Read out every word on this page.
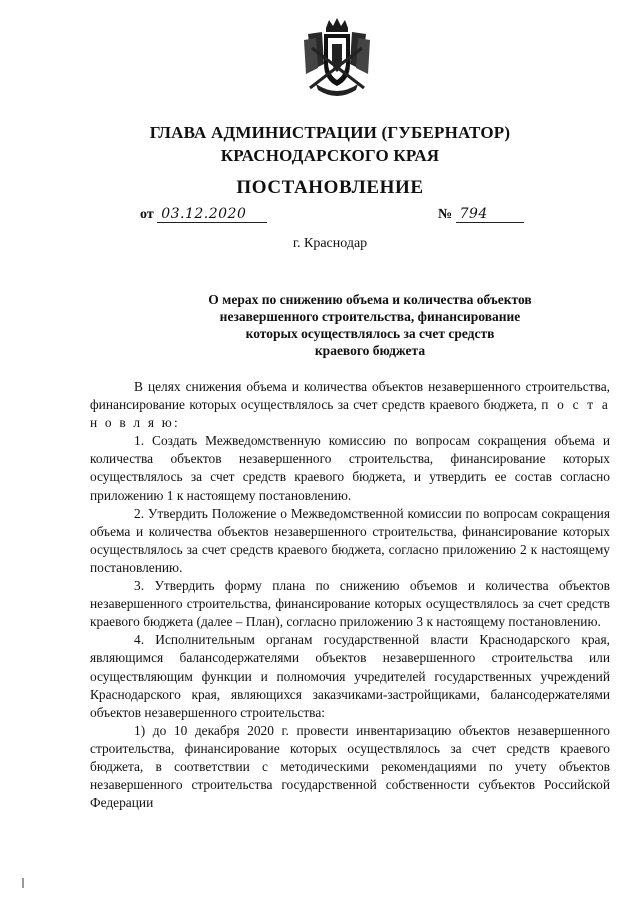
ГЛАВА АДМИНИСТРАЦИИ (ГУБЕРНАТОР)
КРАСНОДАРСКОГО КРАЯ
ПОСТАНОВЛЕНИЕ
от 03.12.2020	№ 794
г. Краснодар
О мерах по снижению объема и количества объектов
незавершенного строительства, финансирование
которых осуществлялось за счет средств
краевого бюджета

В целях снижения объема и количества объектов незавершенного строительства, финансирование которых осуществлялось за счет средств краевого бюджета, п о с т а н о в л я ю:

1. Создать Межведомственную комиссию по вопросам сокращения объема и количества объектов незавершенного строительства, финансирование которых осуществлялось за счет средств краевого бюджета, и утвердить ее состав согласно приложению 1 к настоящему постановлению.

2. Утвердить Положение о Межведомственной комиссии по вопросам сокращения объема и количества объектов незавершенного строительства, финансирование которых осуществлялось за счет средств краевого бюджета, согласно приложению 2 к настоящему постановлению.

3. Утвердить форму плана по снижению объемов и количества объектов незавершенного строительства, финансирование которых осуществлялось за счет средств краевого бюджета (далее – План), согласно приложению 3 к настоящему постановлению.

4. Исполнительным органам государственной власти Краснодарского края, являющимся балансодержателями объектов незавершенного строительства или осуществляющим функции и полномочия учредителей государственных учреждений Краснодарского края, являющихся заказчиками-застройщиками, балансодержателями объектов незавершенного строительства:

1) до 10 декабря 2020 г. провести инвентаризацию объектов незавершенного строительства, финансирование которых осуществлялось за счет средств краевого бюджета, в соответствии с методическими рекомендациями по учету объектов незавершенного строительства государственной собственности субъектов Российской Федерации
